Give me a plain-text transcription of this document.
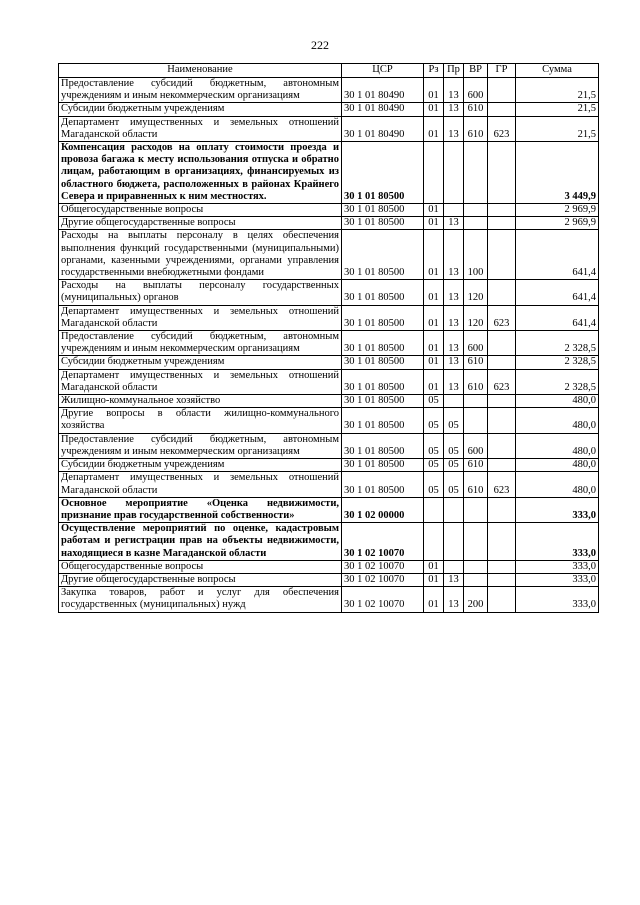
222
Наименование	ЦСР	Рз	Пр	ВР	ГР	Сумма
Предоставление субсидий бюджетным, автономным учреждениям и иным некоммерческим организациям	30 1 01 80490	01	13	600		21,5
Субсидии бюджетным учреждениям	30 1 01 80490	01	13	610		21,5
Департамент имущественных и земельных отношений Магаданской области	30 1 01 80490	01	13	610	623	21,5
Компенсация расходов на оплату стоимости проезда и провоза багажа к месту использования отпуска и обратно лицам, работающим в организациях, финансируемых из областного бюджета, расположенных в районах Крайнего Севера и приравненных к ним местностях.	30 1 01 80500					3 449,9
Общегосударственные вопросы	30 1 01 80500	01				2 969,9
Другие общегосударственные вопросы	30 1 01 80500	01	13			2 969,9
Расходы на выплаты персоналу в целях обеспечения выполнения функций государственными (муниципальными) органами, казенными учреждениями, органами управления государственными внебюджетными фондами	30 1 01 80500	01	13	100		641,4
Расходы на выплаты персоналу государственных (муниципальных) органов	30 1 01 80500	01	13	120		641,4
Департамент имущественных и земельных отношений Магаданской области	30 1 01 80500	01	13	120	623	641,4
Предоставление субсидий бюджетным, автономным учреждениям и иным некоммерческим организациям	30 1 01 80500	01	13	600		2 328,5
Субсидии бюджетным учреждениям	30 1 01 80500	01	13	610		2 328,5
Департамент имущественных и земельных отношений Магаданской области	30 1 01 80500	01	13	610	623	2 328,5
Жилищно-коммунальное хозяйство	30 1 01 80500	05				480,0
Другие вопросы в области жилищно-коммунального хозяйства	30 1 01 80500	05	05			480,0
Предоставление субсидий бюджетным, автономным учреждениям и иным некоммерческим организациям	30 1 01 80500	05	05	600		480,0
Субсидии бюджетным учреждениям	30 1 01 80500	05	05	610		480,0
Департамент имущественных и земельных отношений Магаданской области	30 1 01 80500	05	05	610	623	480,0
Основное мероприятие «Оценка недвижимости, признание прав государственной собственности»	30 1 02 00000					333,0
Осуществление мероприятий по оценке, кадастровым работам и регистрации прав на объекты недвижимости, находящиеся в казне Магаданской области	30 1 02 10070					333,0
Общегосударственные вопросы	30 1 02 10070	01				333,0
Другие общегосударственные вопросы	30 1 02 10070	01	13			333,0
Закупка товаров, работ и услуг для обеспечения государственных (муниципальных) нужд	30 1 02 10070	01	13	200		333,0
